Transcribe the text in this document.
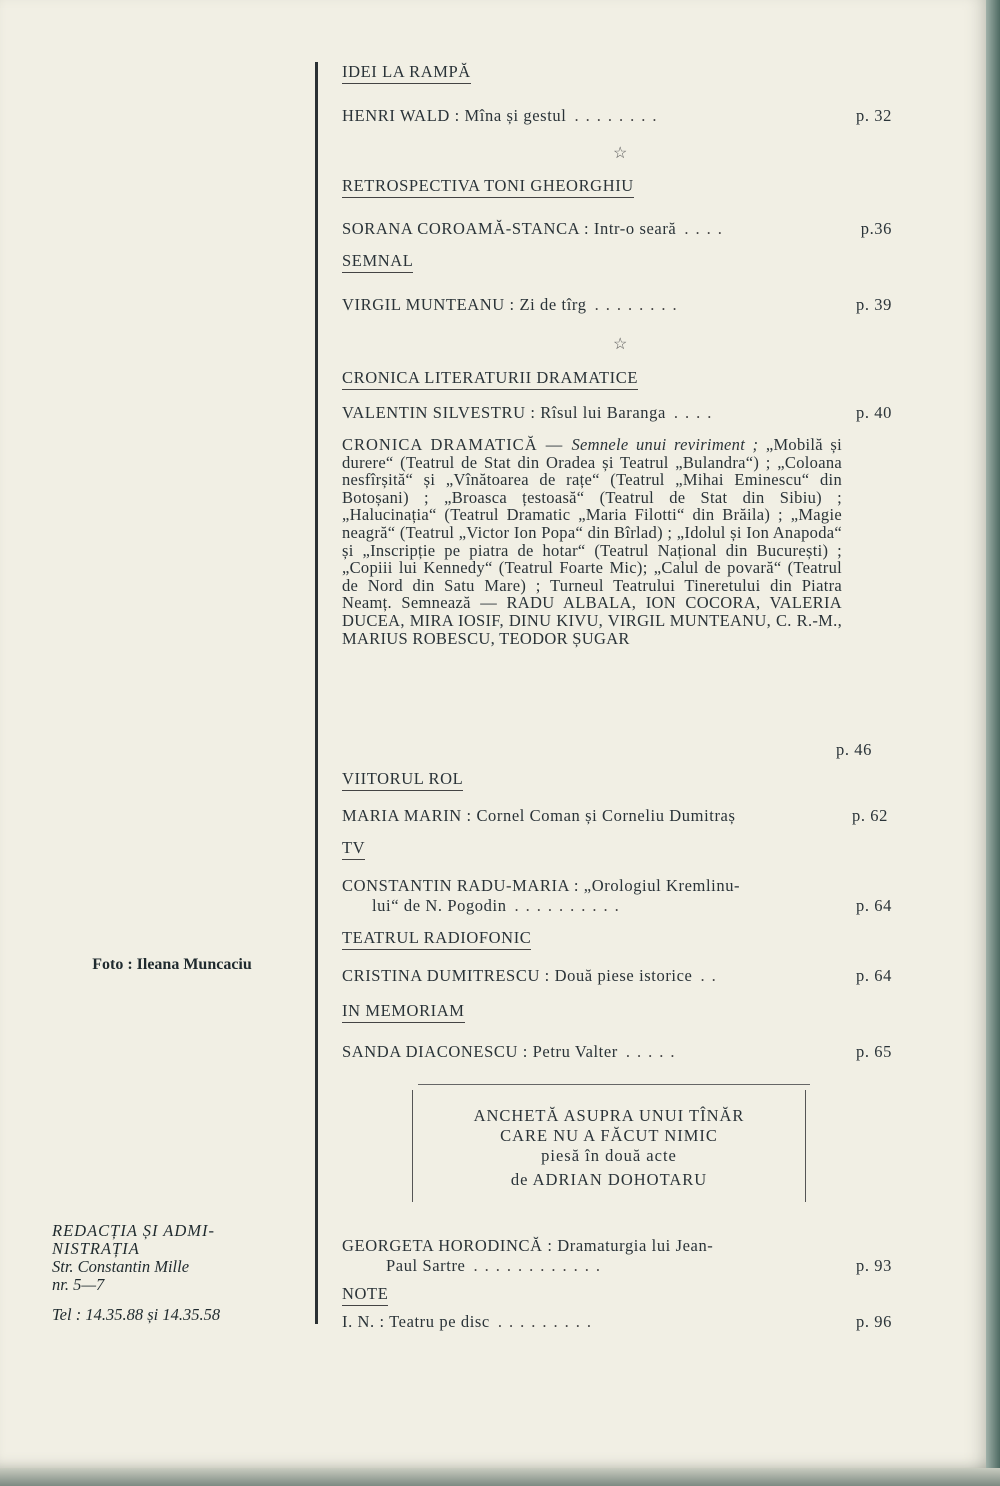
Foto : Ileana Muncaciu
REDACȚIA ȘI ADMI- NISTRAȚIA
Str. Constantin Mille
nr. 5—7
Tel : 14.35.88 și 14.35.58
IDEI LA RAMPĂ
HENRI WALD : Mîna și gestul ........	p. 32
☆
RETROSPECTIVA TONI GHEORGHIU
SORANA COROAMĂ-STANCA : Intr-o seară ....	p.36
SEMNAL
VIRGIL MUNTEANU : Zi de tîrg ........	p. 39
☆
CRONICA LITERATURII DRAMATICE
VALENTIN SILVESTRU : Rîsul lui Baranga ....	p. 40
CRONICA DRAMATICĂ — Semnele unui reviriment ; „Mobilă și durere“ (Teatrul de Stat din Oradea și Teatrul „Bulandra“) ; „Coloana nesfîrșită“ și „Vînătoarea de rațe“ (Teatrul „Mihai Eminescu“ din Botoșani) ; „Broasca țestoasă“ (Teatrul de Stat din Sibiu) ; „Halucinația“ (Teatrul Dramatic „Maria Filotti“ din Brăila) ; „Magie neagră“ (Teatrul „Victor Ion Popa“ din Bîrlad) ; „Idolul și Ion Anapoda“ și „Inscripție pe piatra de hotar“ (Teatrul Național din București) ; „Copiii lui Kennedy“ (Teatrul Foarte Mic); „Calul de povară“ (Teatrul de Nord din Satu Mare) ; Turneul Teatrului Tineretului din Piatra Neamț. Semnează — RADU ALBALA, ION COCORA, VALERIA DUCEA, MIRA IOSIF, DINU KIVU, VIRGIL MUNTEANU, C. R.-M., MARIUS ROBESCU, TEODOR ȘUGAR
p. 46
VIITORUL ROL
MARIA MARIN : Cornel Coman și Corneliu Dumitraș	p. 62
TV
CONSTANTIN RADU-MARIA : „Orologiul Kremlinu-
lui“ de N. Pogodin ..........	p. 64
TEATRUL RADIOFONIC
CRISTINA DUMITRESCU : Două piese istorice ..	p. 64
IN MEMORIAM
SANDA DIACONESCU : Petru Valter .....	p. 65
ANCHETĂ ASUPRA UNUI TÎNĂR
CARE NU A FĂCUT NIMIC
piesă în două acte
de ADRIAN DOHOTARU
GEORGETA HORODINCĂ : Dramaturgia lui Jean-
Paul Sartre ............	p. 93
NOTE
I. N. : Teatru pe disc .........	p. 96
